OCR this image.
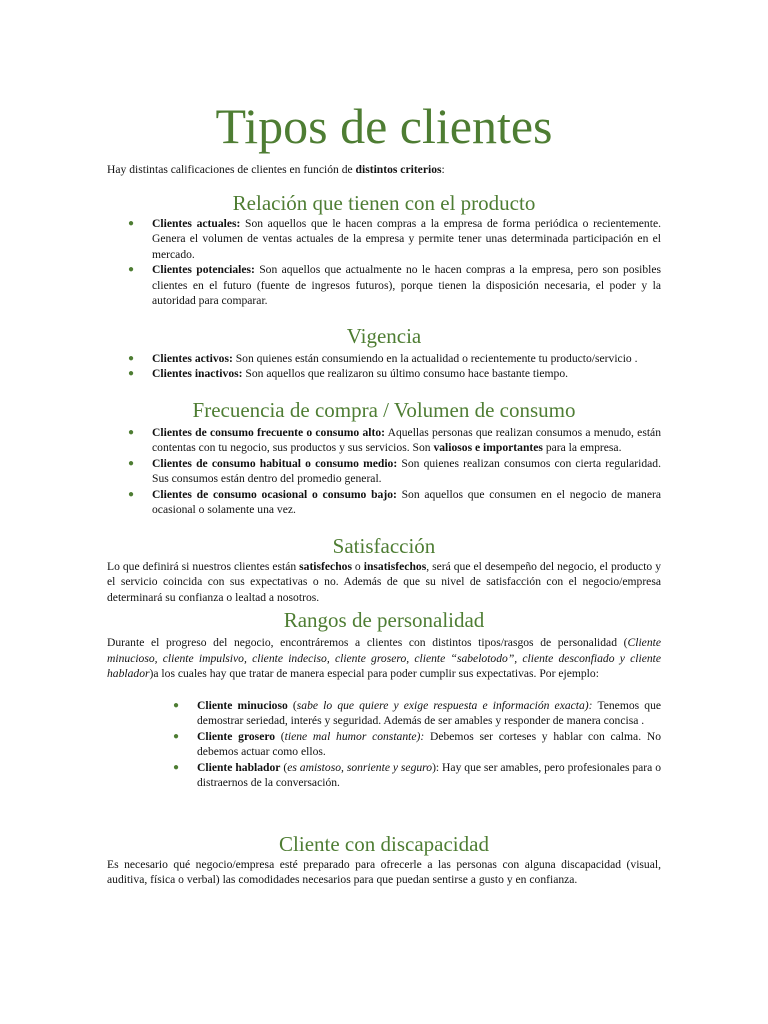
Tipos de clientes

Hay distintas calificaciones de clientes en función de distintos criterios:

Relación que tienen con el producto
● Clientes actuales: Son aquellos que le hacen compras a la empresa de forma periódica o recientemente. Genera el volumen de ventas actuales de la empresa y permite tener unas determinada participación en el mercado.
● Clientes potenciales: Son aquellos que actualmente no le hacen compras a la empresa, pero son posibles clientes en el futuro (fuente de ingresos futuros), porque tienen la disposición necesaria, el poder y la autoridad para comparar.
Vigencia
● Clientes activos: Son quienes están consumiendo en la actualidad o recientemente tu producto/servicio .
● Clientes inactivos: Son aquellos que realizaron su último consumo hace bastante tiempo.
Frecuencia de compra / Volumen de consumo
● Clientes de consumo frecuente o consumo alto: Aquellas personas que realizan consumos a menudo, están contentas con tu negocio, sus productos y sus servicios. Son valiosos e importantes para la empresa.
● Clientes de consumo habitual o consumo medio: Son quienes realizan consumos con cierta regularidad. Sus consumos están dentro del promedio general.
● Clientes de consumo ocasional o consumo bajo: Son aquellos que consumen en el negocio de manera ocasional o solamente una vez.
Satisfacción

Lo que definirá si nuestros clientes están satisfechos o insatisfechos, será que el desempeño del negocio, el producto y el servicio coincida con sus expectativas o no. Además de que su nivel de satisfacción con el negocio/empresa determinará su confianza o lealtad a nosotros.

Rangos de personalidad

Durante el progreso del negocio, encontráremos a clientes con distintos tipos/rasgos de personalidad (Cliente minucioso, cliente impulsivo, cliente indeciso, cliente grosero, cliente “sabelotodo”, cliente desconfiado y cliente hablador)a los cuales hay que tratar de manera especial para poder cumplir sus expectativas. Por ejemplo:

● Cliente minucioso (sabe lo que quiere y exige respuesta e información exacta): Tenemos que demostrar seriedad, interés y seguridad. Además de ser amables y responder de manera concisa .
● Cliente grosero (tiene mal humor constante): Debemos ser corteses y hablar con calma. No debemos actuar como ellos.
● Cliente hablador (es amistoso, sonriente y seguro): Hay que ser amables, pero profesionales para o distraernos de la conversación.
Cliente con discapacidad

Es necesario qué negocio/empresa esté preparado para ofrecerle a las personas con alguna discapacidad (visual, auditiva, física o verbal) las comodidades necesarios para que puedan sentirse a gusto y en confianza.
